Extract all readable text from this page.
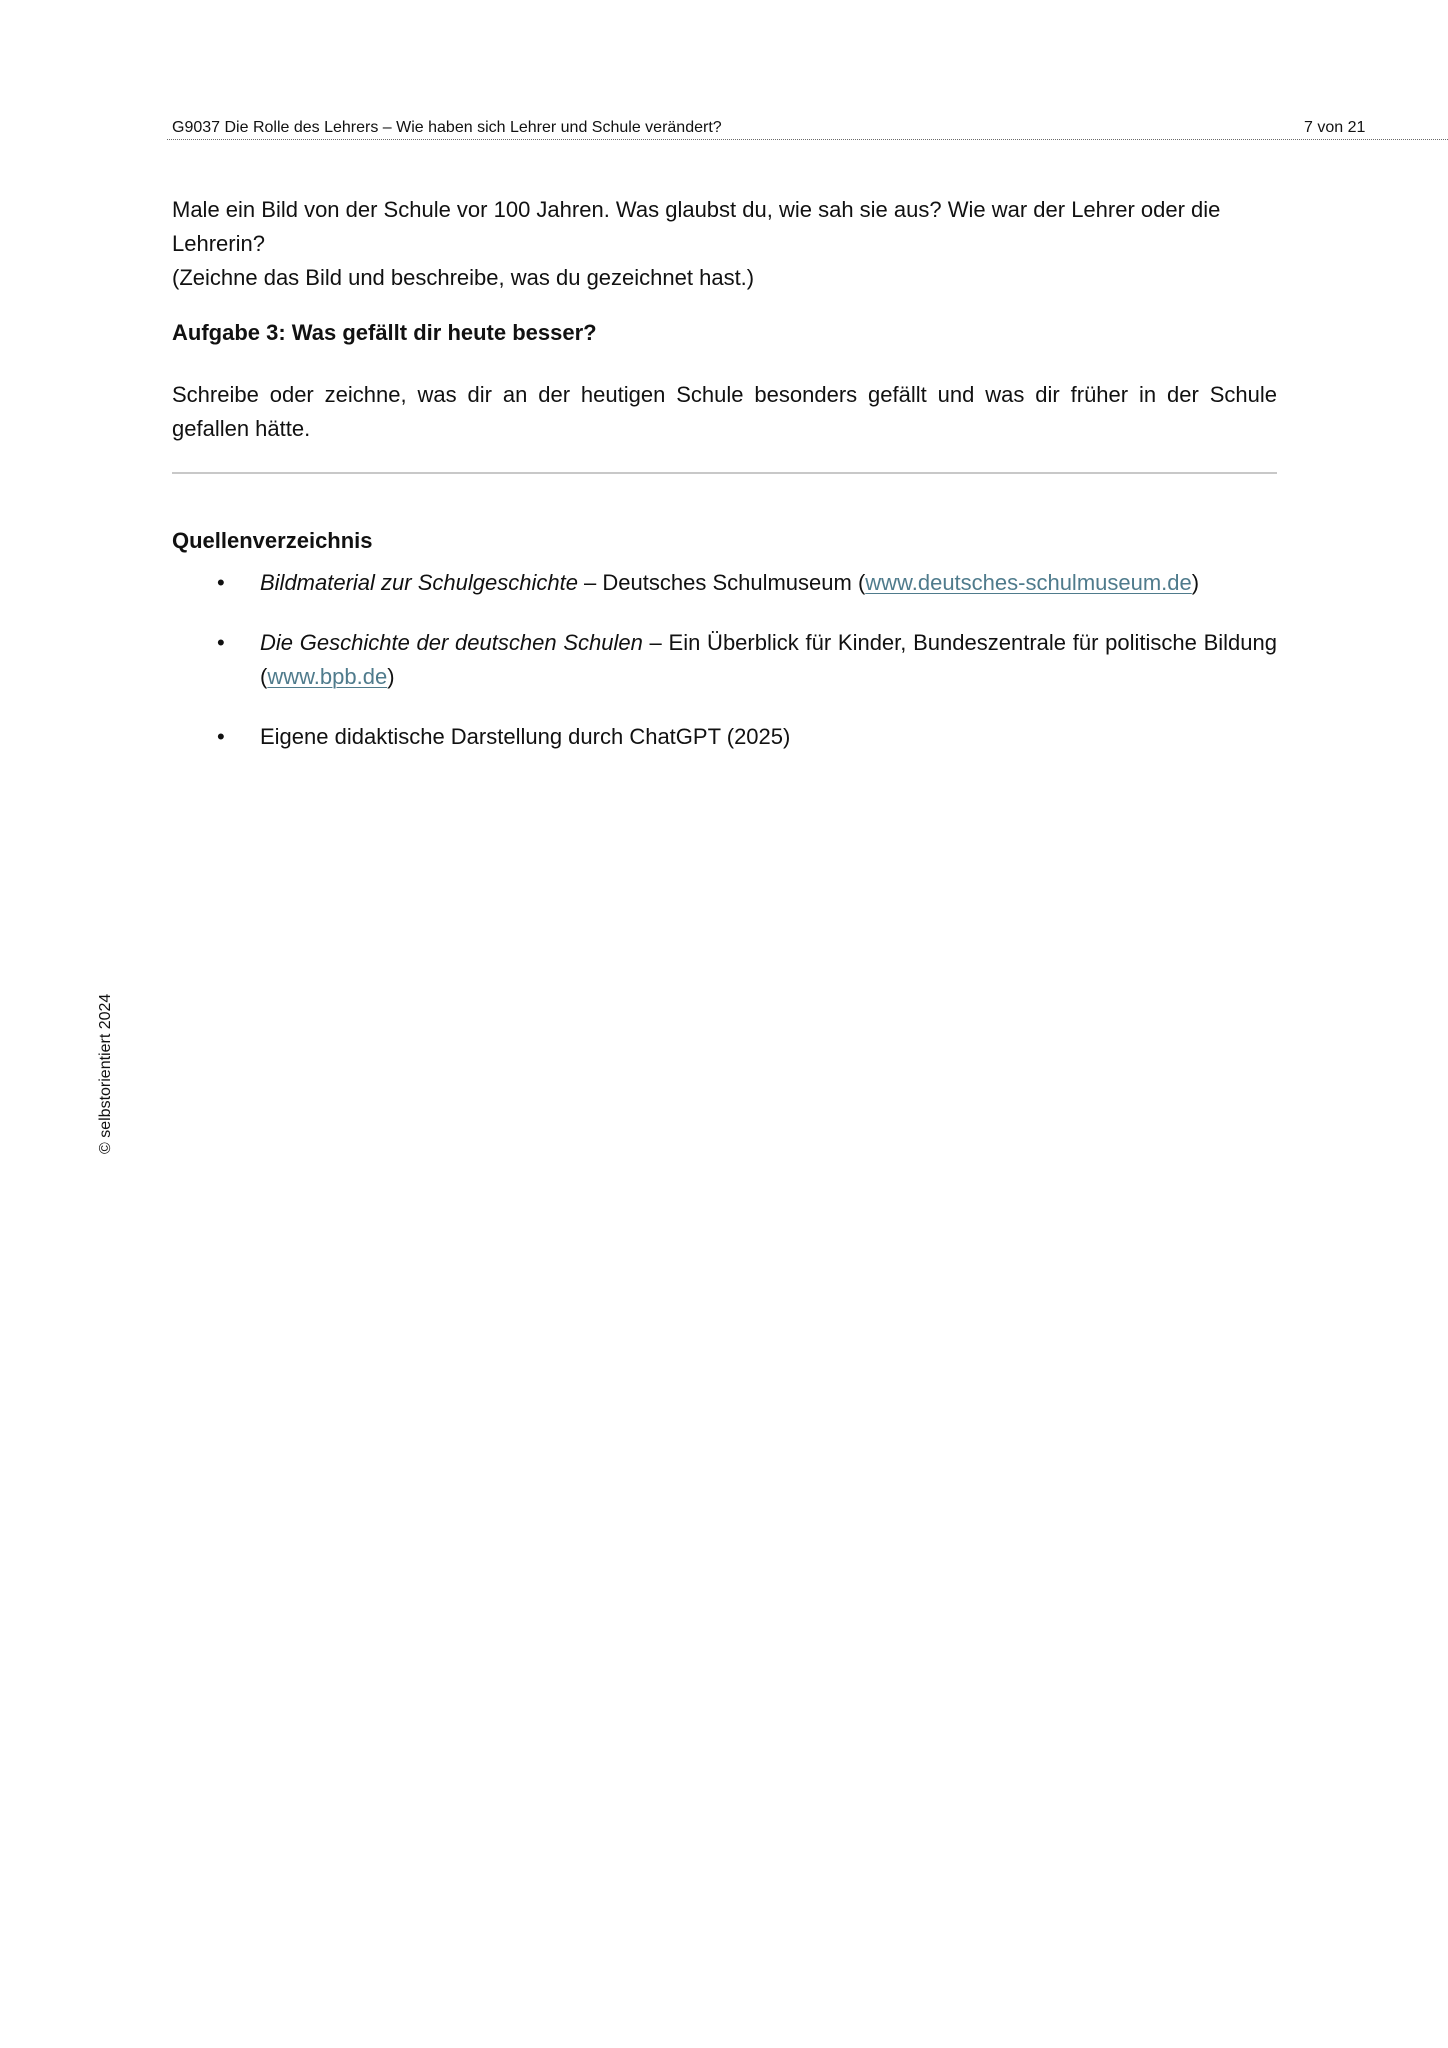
G9037 Die Rolle des Lehrers – Wie haben sich Lehrer und Schule verändert?	7 von 21

Male ein Bild von der Schule vor 100 Jahren. Was glaubst du, wie sah sie aus? Wie war der Lehrer oder die Lehrerin?

(Zeichne das Bild und beschreibe, was du gezeichnet hast.)

Aufgabe 3: Was gefällt dir heute besser?

Schreibe oder zeichne, was dir an der heutigen Schule besonders gefällt und was dir früher in der Schule gefallen hätte.

Quellenverzeichnis
• Bildmaterial zur Schulgeschichte – Deutsches Schulmuseum (www.deutsches-schulmuseum.de)
• Die Geschichte der deutschen Schulen – Ein Überblick für Kinder, Bundeszentrale für politische Bildung (www.bpb.de)
• Eigene didaktische Darstellung durch ChatGPT (2025)
© selbstorientiert 2024
